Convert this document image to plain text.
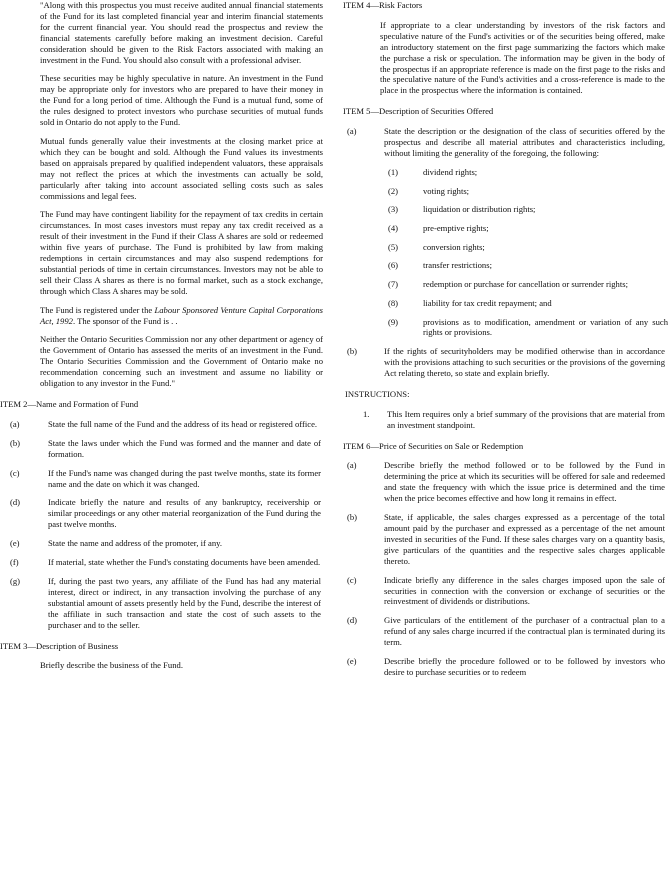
"Along with this prospectus you must receive audited annual financial statements of the Fund for its last completed financial year and interim financial statements for the current financial year. You should read the prospectus and review the financial statements carefully before making an investment decision. Careful consideration should be given to the Risk Factors associated with making an investment in the Fund. You should also consult with a professional adviser.

These securities may be highly speculative in nature. An investment in the Fund may be appropriate only for investors who are prepared to have their money in the Fund for a long period of time. Although the Fund is a mutual fund, some of the rules designed to protect investors who purchase securities of mutual funds sold in Ontario do not apply to the Fund.

Mutual funds generally value their investments at the closing market price at which they can be bought and sold. Although the Fund values its investments based on appraisals prepared by qualified independent valuators, these appraisals may not reflect the prices at which the investments can actually be sold, particularly after taking into account associated selling costs such as sales commissions and legal fees.

The Fund may have contingent liability for the repayment of tax credits in certain circumstances. In most cases investors must repay any tax credit received as a result of their investment in the Fund if their Class A shares are sold or redeemed within five years of purchase. The Fund is prohibited by law from making redemptions in certain circumstances and may also suspend redemptions for substantial periods of time in certain circumstances. Investors may not be able to sell their Class A shares as there is no formal market, such as a stock exchange, through which Class A shares may be sold.

The Fund is registered under the Labour Sponsored Venture Capital Corporations Act, 1992. The sponsor of the Fund is . .

Neither the Ontario Securities Commission nor any other department or agency of the Government of Ontario has assessed the merits of an investment in the Fund. The Ontario Securities Commission and the Government of Ontario make no recommendation concerning such an investment and assume no liability or obligation to any investor in the Fund."

ITEM 2—Name and Formation of Fund
(a)	State the full name of the Fund and the address of its head or registered office.
(b)	State the laws under which the Fund was formed and the manner and date of formation.
(c)	If the Fund's name was changed during the past twelve months, state its former name and the date on which it was changed.
(d)	Indicate briefly the nature and results of any bankruptcy, receivership or similar proceedings or any other material reorganization of the Fund during the past twelve months.
(e)	State the name and address of the promoter, if any.
(f)	If material, state whether the Fund's constating documents have been amended.
(g)	If, during the past two years, any affiliate of the Fund has had any material interest, direct or indirect, in any transaction involving the purchase of any substantial amount of assets presently held by the Fund, describe the interest of the affiliate in such transaction and state the cost of such assets to the purchaser and to the seller.
ITEM 3—Description of Business

Briefly describe the business of the Fund.

ITEM 4—Risk Factors

If appropriate to a clear understanding by investors of the risk factors and speculative nature of the Fund's activities or of the securities being offered, make an introductory statement on the first page summarizing the factors which make the purchase a risk or speculation. The information may be given in the body of the prospectus if an appropriate reference is made on the first page to the risks and the speculative nature of the Fund's activities and a cross-reference is made to the place in the prospectus where the information is contained.

ITEM 5—Description of Securities Offered
(a)	State the description or the designation of the class of securities offered by the prospectus and describe all material attributes and characteristics including, without limiting the generality of the foregoing, the following:
(1)	dividend rights;
(2)	voting rights;
(3)	liquidation or distribution rights;
(4)	pre-emptive rights;
(5)	conversion rights;
(6)	transfer restrictions;
(7)	redemption or purchase for cancellation or surrender rights;
(8)	liability for tax credit repayment; and
(9)	provisions as to modification, amendment or variation of any such rights or provisions.
(b)	If the rights of securityholders may be modified otherwise than in accordance with the provisions attaching to such securities or the provisions of the governing Act relating thereto, so state and explain briefly.
INSTRUCTIONS:
1.	This Item requires only a brief summary of the provisions that are material from an investment standpoint.
ITEM 6—Price of Securities on Sale or Redemption
(a)	Describe briefly the method followed or to be followed by the Fund in determining the price at which its securities will be offered for sale and redeemed and state the frequency with which the issue price is determined and the time when the price becomes effective and how long it remains in effect.
(b)	State, if applicable, the sales charges expressed as a percentage of the total amount paid by the purchaser and expressed as a percentage of the net amount invested in securities of the Fund. If these sales charges vary on a quantity basis, give particulars of the quantities and the respective sales charges applicable thereto.
(c)	Indicate briefly any difference in the sales charges imposed upon the sale of securities in connection with the conversion or exchange of securities or the reinvestment of dividends or distributions.
(d)	Give particulars of the entitlement of the purchaser of a contractual plan to a refund of any sales charge incurred if the contractual plan is terminated during its term.
(e)	Describe briefly the procedure followed or to be followed by investors who desire to purchase securities or to redeem
